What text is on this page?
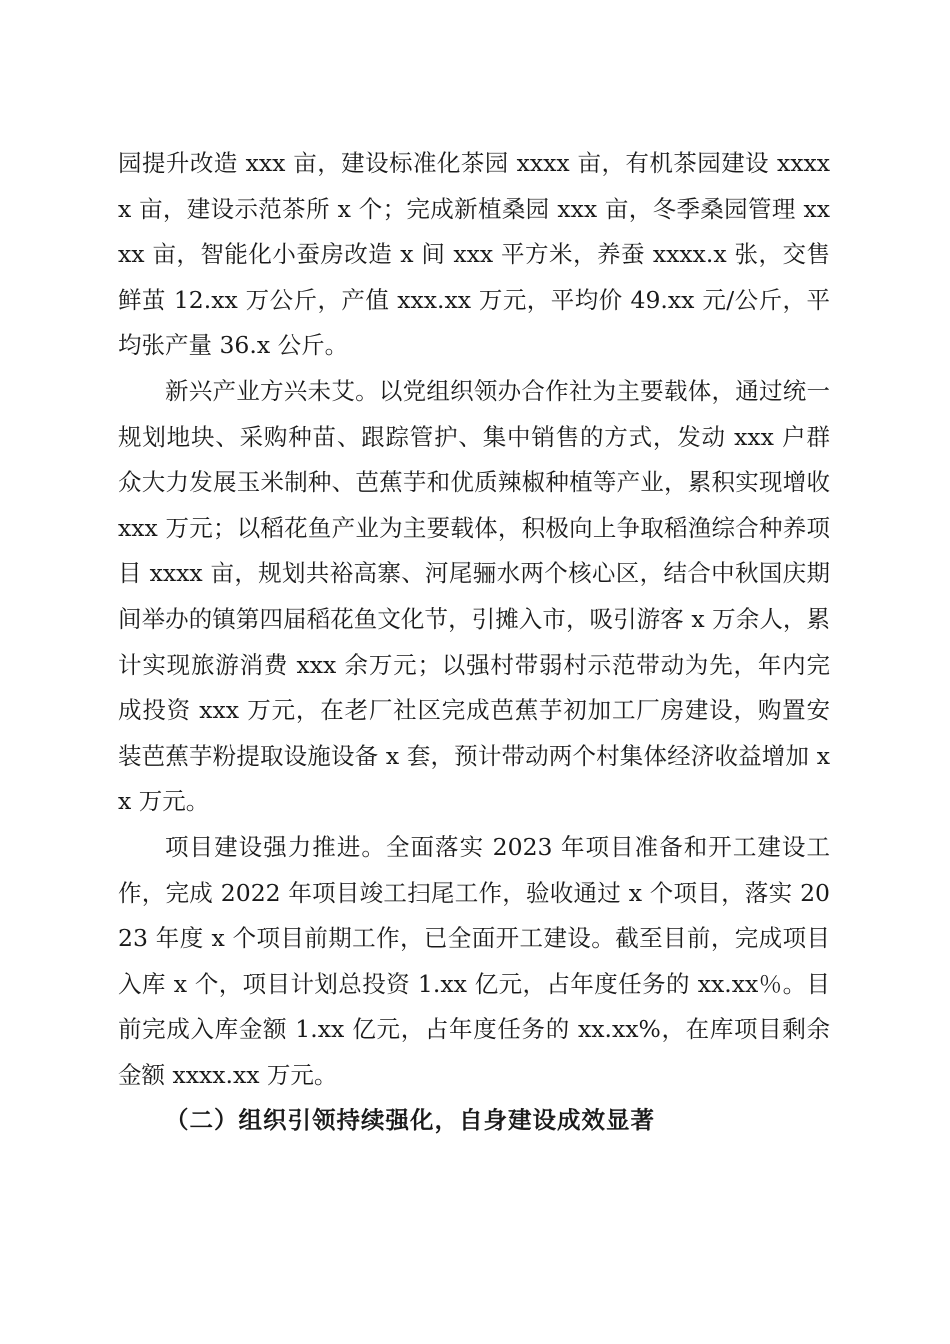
园提升改造 xxx 亩，建设标准化茶园 xxxx 亩，有机茶园建设 xxxxx 亩，建设示范茶所 x 个；完成新植桑园 xxx 亩，冬季桑园管理 xxxx 亩，智能化小蚕房改造 x 间 xxx 平方米，养蚕 xxxx.x 张，交售鲜茧 12.xx 万公斤，产值 xxx.xx 万元，平均价 49.xx 元/公斤，平均张产量 36.x 公斤。

新兴产业方兴未艾。以党组织领办合作社为主要载体，通过统一规划地块、采购种苗、跟踪管护、集中销售的方式，发动 xxx 户群众大力发展玉米制种、芭蕉芋和优质辣椒种植等产业，累积实现增收 xxx 万元；以稻花鱼产业为主要载体，积极向上争取稻渔综合种养项目 xxxx 亩，规划共裕高寨、河尾骊水两个核心区，结合中秋国庆期间举办的镇第四届稻花鱼文化节，引摊入市，吸引游客 x 万余人，累计实现旅游消费 xxx 余万元；以强村带弱村示范带动为先，年内完成投资 xxx 万元，在老厂社区完成芭蕉芋初加工厂房建设，购置安装芭蕉芋粉提取设施设备 x 套，预计带动两个村集体经济收益增加 xx 万元。

项目建设强力推进。全面落实 2023 年项目准备和开工建设工作，完成 2022 年项目竣工扫尾工作，验收通过 x 个项目，落实 2023 年度 x 个项目前期工作，已全面开工建设。截至目前，完成项目入库 x 个，项目计划总投资 1.xx 亿元，占年度任务的 xx.xx％。目前完成入库金额 1.xx 亿元，占年度任务的 xx.xx%，在库项目剩余金额 xxxx.xx 万元。

（二）组织引领持续强化，自身建设成效显著
